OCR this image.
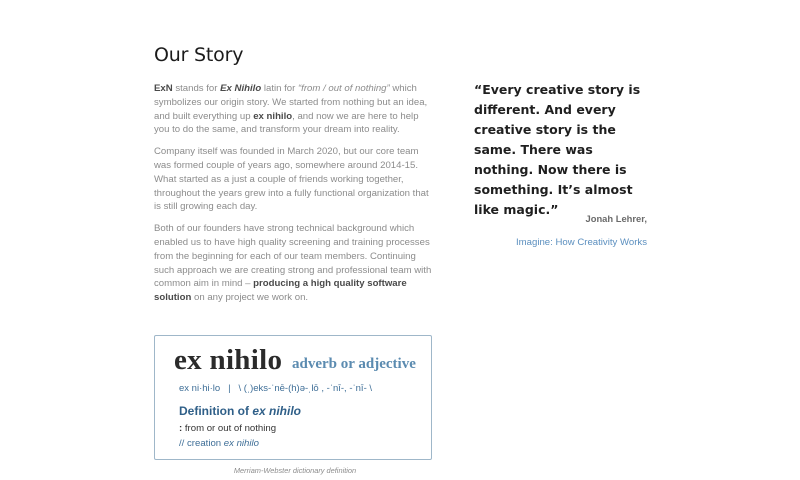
Our Story

ExN stands for Ex Nihilo latin for “from / out of nothing” which symbolizes our origin story. We started from nothing but an idea, and built everything up ex nihilo, and now we are here to help you to do the same, and transform your dream into reality.

Company itself was founded in March 2020, but our core team was formed couple of years ago, somewhere around 2014-15. What started as a just a couple of friends working together, throughout the years grew into a fully functional organization that is still growing each day.

Both of our founders have strong technical background which enabled us to have high quality screening and training processes from the beginning for each of our team members. Continuing such approach we are creating strong and professional team with common aim in mind – producing a high quality software solution on any project we work on.

ex nihilo adverb or adjective
ex ni·hi·lo   |   \ (ˌ)eks-ˈnē-(h)ə-ˌlō , -ˈnī-, -ˈnī- \
Definition of ex nihilo
: from or out of nothing
// creation ex nihilo
Merriam-Webster dictionary definition

“Every creative story is different. And every creative story is the same. There was nothing. Now there is something. It’s almost like magic.”

Jonah Lehrer,
Imagine: How Creativity Works
